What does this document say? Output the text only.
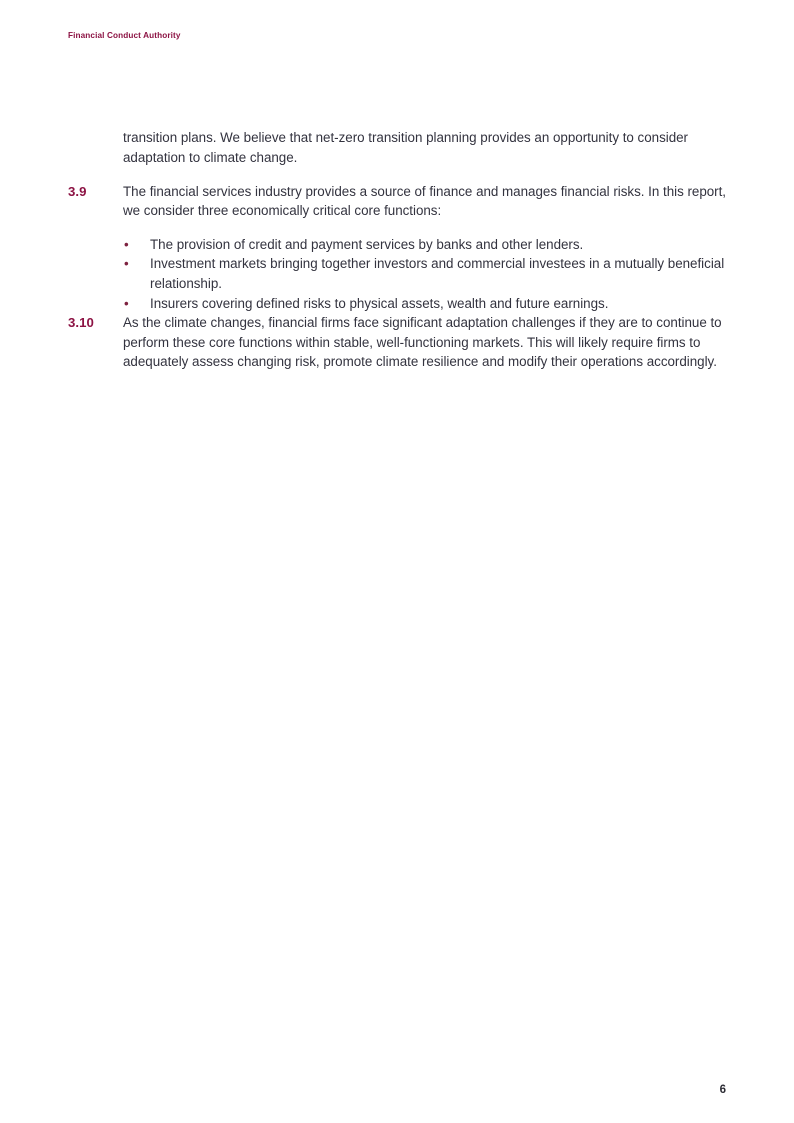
Financial Conduct Authority
transition plans. We believe that net-zero transition planning provides an opportunity to consider adaptation to climate change.
3.9	The financial services industry provides a source of finance and manages financial risks. In this report, we consider three economically critical core functions:
• The provision of credit and payment services by banks and other lenders.
• Investment markets bringing together investors and commercial investees in a mutually beneficial relationship.
• Insurers covering defined risks to physical assets, wealth and future earnings.
3.10	As the climate changes, financial firms face significant adaptation challenges if they are to continue to perform these core functions within stable, well-functioning markets. This will likely require firms to adequately assess changing risk, promote climate resilience and modify their operations accordingly.
6
